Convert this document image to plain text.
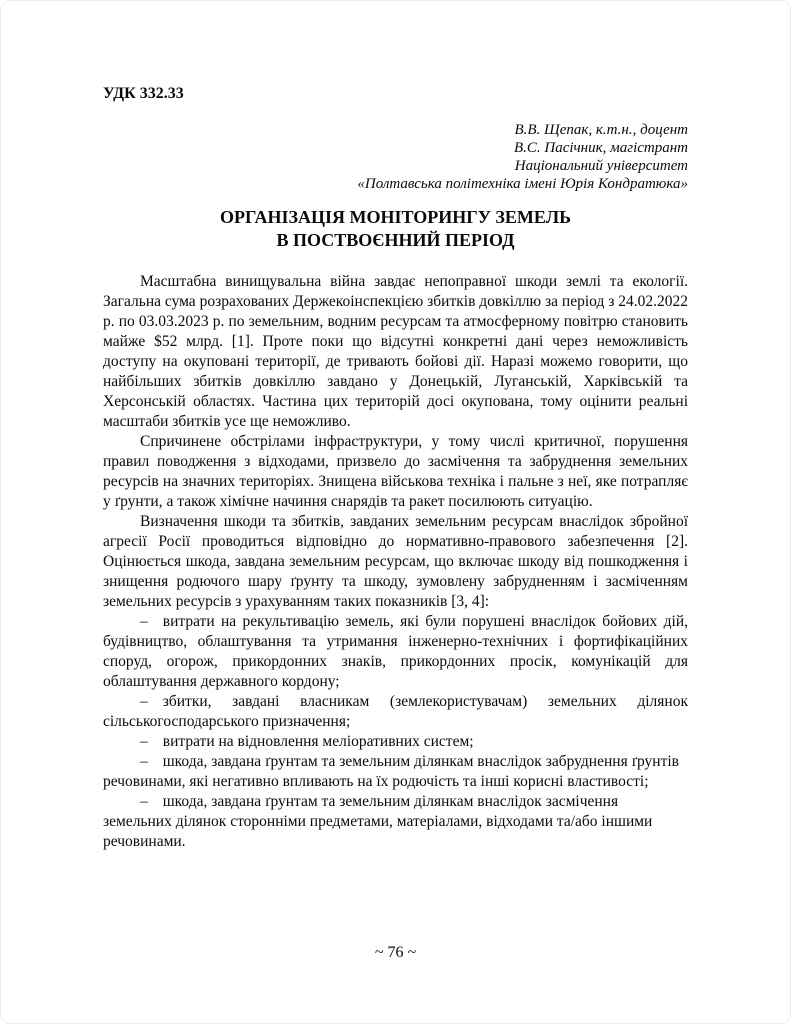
УДК 332.33
В.В. Щепак, к.т.н., доцент
В.С. Пасічник, магістрант
Національний університет
«Полтавська політехніка імені Юрія Кондратюка»
ОРГАНІЗАЦІЯ МОНІТОРИНГУ ЗЕМЕЛЬ
В ПОСТВОЄННИЙ ПЕРІОД

Масштабна винищувальна війна завдає непоправної шкоди землі та екології. Загальна сума розрахованих Держекоінспекцією збитків довкіллю за період з 24.02.2022 р. по 03.03.2023 р. по земельним, водним ресурсам та атмосферному повітрю становить майже $52 млрд. [1]. Проте поки що відсутні конкретні дані через неможливість доступу на окуповані території, де тривають бойові дії. Наразі можемо говорити, що найбільших збитків довкіллю завдано у Донецькій, Луганській, Харківській та Херсонській областях. Частина цих територій досі окупована, тому оцінити реальні масштаби збитків усе ще неможливо.

Спричинене обстрілами інфраструктури, у тому числі критичної, порушення правил поводження з відходами, призвело до засмічення та забруднення земельних ресурсів на значних територіях. Знищена військова техніка і пальне з неї, яке потрапляє у ґрунти, а також хімічне начиння снарядів та ракет посилюють ситуацію.

Визначення шкоди та збитків, завданих земельним ресурсам внаслідок збройної агресії Росії проводиться відповідно до нормативно-правового забезпечення [2]. Оцінюється шкода, завдана земельним ресурсам, що включає шкоду від пошкодження і знищення родючого шару ґрунту та шкоду, зумовлену забрудненням і засміченням земельних ресурсів з урахуванням таких показників [3, 4]:

– витрати на рекультивацію земель, які були порушені внаслідок бойових дій, будівництво, облаштування та утримання інженерно-технічних і фортифікаційних споруд, огорож, прикордонних знаків, прикордонних просік, комунікацій для облаштування державного кордону;

– збитки, завдані власникам (землекористувачам) земельних ділянок сільськогосподарського призначення;

– витрати на відновлення меліоративних систем;

– шкода, завдана ґрунтам та земельним ділянкам внаслідок забруднення ґрунтів речовинами, які негативно впливають на їх родючість та інші корисні властивості;

– шкода, завдана ґрунтам та земельним ділянкам внаслідок засмічення земельних ділянок сторонніми предметами, матеріалами, відходами та/або іншими речовинами.

~ 76 ~
